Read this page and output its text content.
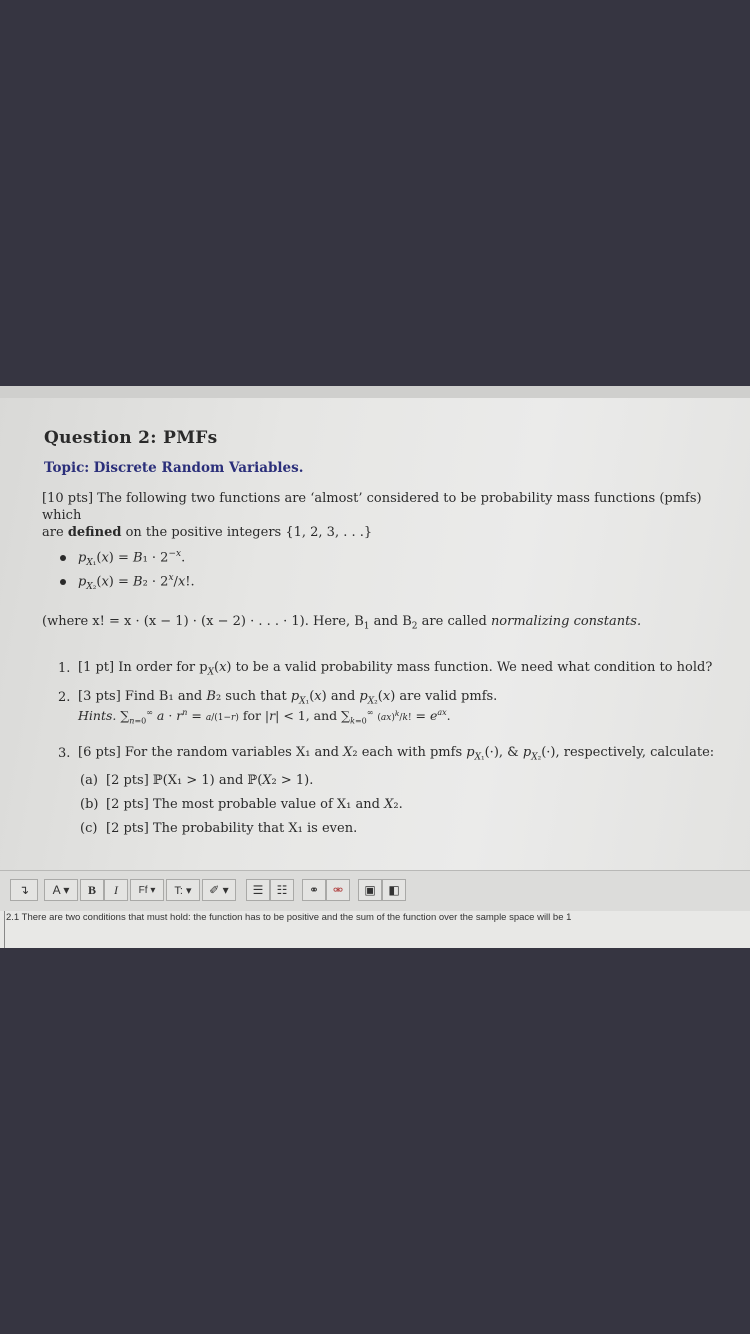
Question 2: PMFs
Topic: Discrete Random Variables.
[10 pts] The following two functions are ‘almost’ considered to be probability mass functions (pmfs) which
are defined on the positive integers {1, 2, 3, . . .}
$p_{X_1}(x) = B_1 \cdot 2^{-x}$.
$p_{X_2}(x) = B_2 \cdot 2^x/x$!.
(where x! = x · (x − 1) · (x − 2) · . . . · 1). Here, $B_1$ and $B_2$ are called normalizing constants.
1. [1 pt] In order for $p_X(x)$ to be a valid probability mass function. We need what condition to hold?
2. [3 pts] Find B₁ and B₂ such that $p_{X_1}(x)$ and $p_{X_2}(x)$ are valid pmfs.
3. [6 pts] For the random variables X₁ and X₂ each with pmfs $p_{X_1}(\cdot)$, & $p_{X_2}(\cdot)$, respectively, calculate:
Hints. $\sum_{n=0}^\infty$ $a \cdot r^n = a/(1-r)$ for |r| < 1, and $\sum_{k=0}^\infty$ (ax)$^k$/k! = $e^{ax}$.
(a) [2 pts] ℙ(X₁ > 1) and ℙ(X₂ > 1).
(b) [2 pts] The most probable value of X₁ and X₂.
(c) [2 pts] The probability that X₁ is even.
↴	A ▾	B	I	Ff ▾	T: ▾	✐ ▾	☰	☷	⚭	⚮	▣	◧
2.1 There are two conditions that must hold: the function has to be positive and the sum of the function over the sample space will be 1
